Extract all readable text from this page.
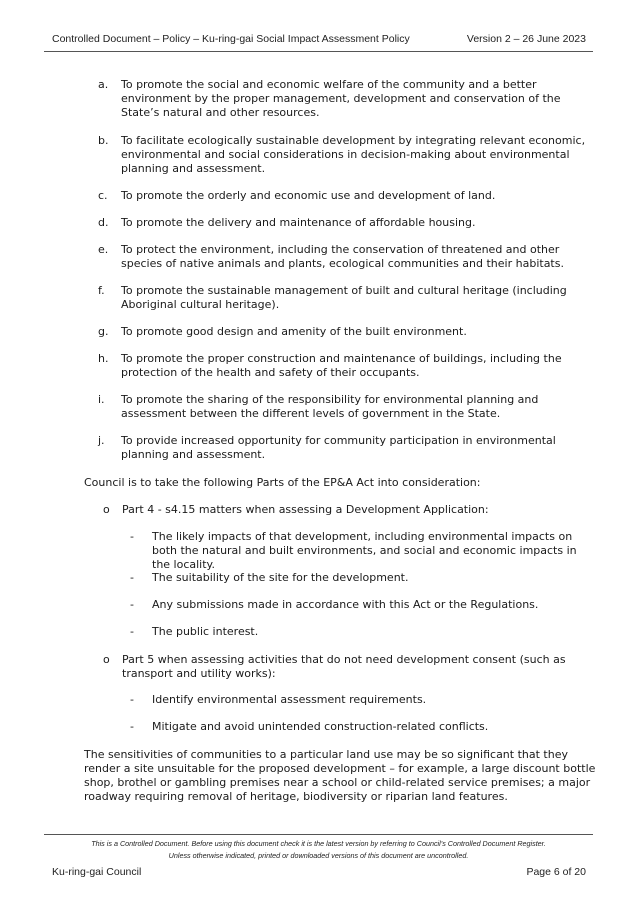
Controlled Document – Policy – Ku-ring-gai Social Impact Assessment Policy	Version 2 – 26 June 2023
a. To promote the social and economic welfare of the community and a better environment by the proper management, development and conservation of the State’s natural and other resources.
b. To facilitate ecologically sustainable development by integrating relevant economic, environmental and social considerations in decision-making about environmental planning and assessment.
c. To promote the orderly and economic use and development of land.
d. To promote the delivery and maintenance of affordable housing.
e. To protect the environment, including the conservation of threatened and other species of native animals and plants, ecological communities and their habitats.
f. To promote the sustainable management of built and cultural heritage (including Aboriginal cultural heritage).
g. To promote good design and amenity of the built environment.
h. To promote the proper construction and maintenance of buildings, including the protection of the health and safety of their occupants.
i. To promote the sharing of the responsibility for environmental planning and assessment between the different levels of government in the State.
j. To provide increased opportunity for community participation in environmental planning and assessment.
Council is to take the following Parts of the EP&A Act into consideration:
o Part 4 - s4.15 matters when assessing a Development Application:
- The likely impacts of that development, including environmental impacts on both the natural and built environments, and social and economic impacts in the locality.
- The suitability of the site for the development.
- Any submissions made in accordance with this Act or the Regulations.
- The public interest.
o Part 5 when assessing activities that do not need development consent (such as transport and utility works):
- Identify environmental assessment requirements.
- Mitigate and avoid unintended construction-related conflicts.
The sensitivities of communities to a particular land use may be so significant that they render a site unsuitable for the proposed development – for example, a large discount bottle shop, brothel or gambling premises near a school or child-related service premises; a major roadway requiring removal of heritage, biodiversity or riparian land features.
This is a Controlled Document. Before using this document check it is the latest version by referring to Council’s Controlled Document Register.
Unless otherwise indicated, printed or downloaded versions of this document are uncontrolled.
Ku-ring-gai Council	Page 6 of 20
